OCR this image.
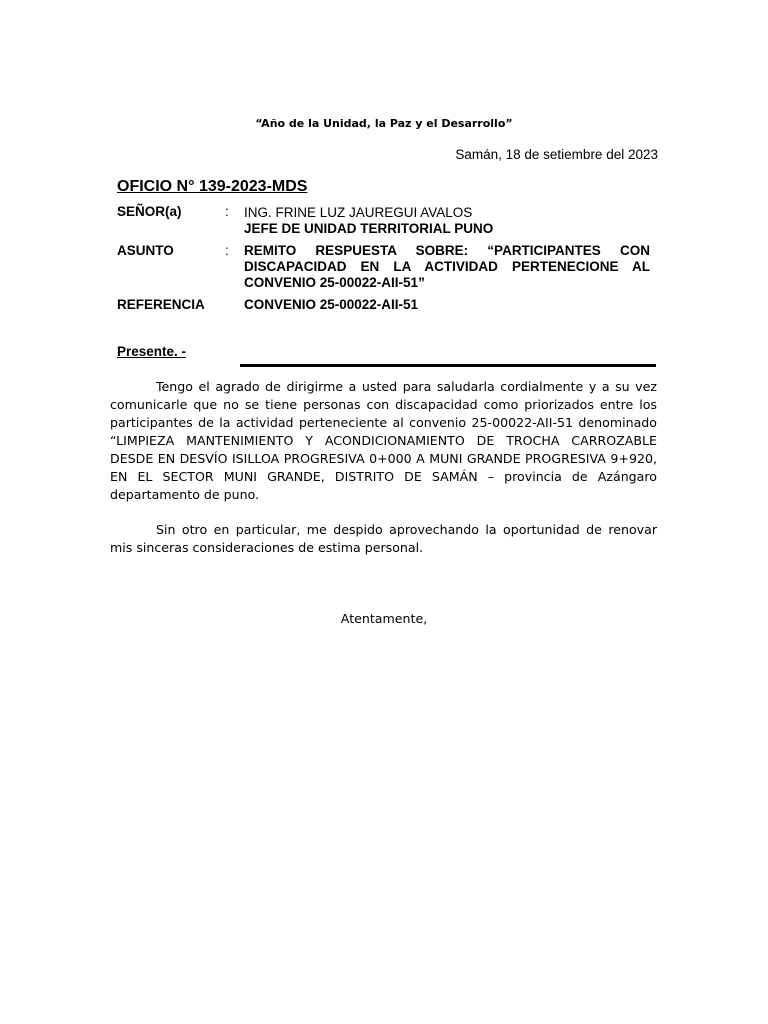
“Año de la Unidad, la Paz y el Desarrollo”
Samán, 18 de setiembre del 2023
OFICIO N° 139-2023-MDS
SEÑOR(a)	: ING. FRINE LUZ JAUREGUI AVALOS
JEFE DE UNIDAD TERRITORIAL PUNO
ASUNTO	: REMITO RESPUESTA SOBRE: “PARTICIPANTES CON DISCAPACIDAD EN LA ACTIVIDAD PERTENECIONE AL CONVENIO 25-00022-AII-51”
REFERENCIA	CONVENIO 25-00022-AII-51
Presente. -
Tengo el agrado de dirigirme a usted para saludarla cordialmente y a su vez comunicarle que no se tiene personas con discapacidad como priorizados entre los participantes de la actividad perteneciente al convenio 25-00022-AII-51 denominado “LIMPIEZA MANTENIMIENTO Y ACONDICIONAMIENTO DE TROCHA CARROZABLE DESDE EN DESVÍO ISILLOA PROGRESIVA 0+000 A MUNI GRANDE PROGRESIVA 9+920, EN EL SECTOR MUNI GRANDE, DISTRITO DE SAMÁN – provincia de Azángaro departamento de puno.
Sin otro en particular, me despido aprovechando la oportunidad de renovar mis sinceras consideraciones de estima personal.
Atentamente,
